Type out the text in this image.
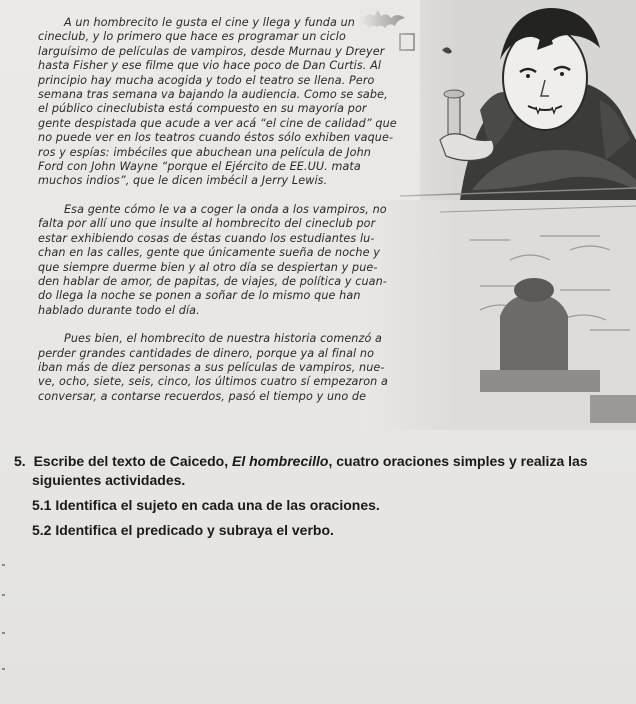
A un hombrecito le gusta el cine y llega y funda un
cineclub, y lo primero que hace es programar un ciclo
larguísimo de películas de vampiros, desde Murnau y Dreyer
hasta Fisher y ese filme que vio hace poco de Dan Curtis. Al
principio hay mucha acogida y todo el teatro se llena. Pero
semana tras semana va bajando la audiencia. Como se sabe,
el público cineclubista está compuesto en su mayoría por
gente despistada que acude a ver acá “el cine de calidad” que
no puede ver en los teatros cuando éstos sólo exhiben vaque-
ros y espías: imbéciles que abuchean una película de John
Ford con John Wayne “porque el Ejército de EE.UU. mata
muchos indios”, que le dicen imbécil a Jerry Lewis.

Esa gente cómo le va a coger la onda a los vampiros, no
falta por allí uno que insulte al hombrecito del cineclub por
estar exhibiendo cosas de éstas cuando los estudiantes lu-
chan en las calles, gente que únicamente sueña de noche y
que siempre duerme bien y al otro día se despiertan y pue-
den hablar de amor, de papitas, de viajes, de política y cuan-
do llega la noche se ponen a soñar de lo mismo que han
hablado durante todo el día.

Pues bien, el hombrecito de nuestra historia comenzó a
perder grandes cantidades de dinero, porque ya al final no
iban más de diez personas a sus películas de vampiros, nue-
ve, ocho, siete, seis, cinco, los últimos cuatro sí empezaron a
conversar, a contarse recuerdos, pasó el tiempo y uno de

5. Escribe del texto de Caicedo, El hombrecillo, cuatro oraciones simples y realiza las
siguientes actividades.
5.1 Identifica el sujeto en cada una de las oraciones.
5.2 Identifica el predicado y subraya el verbo.
